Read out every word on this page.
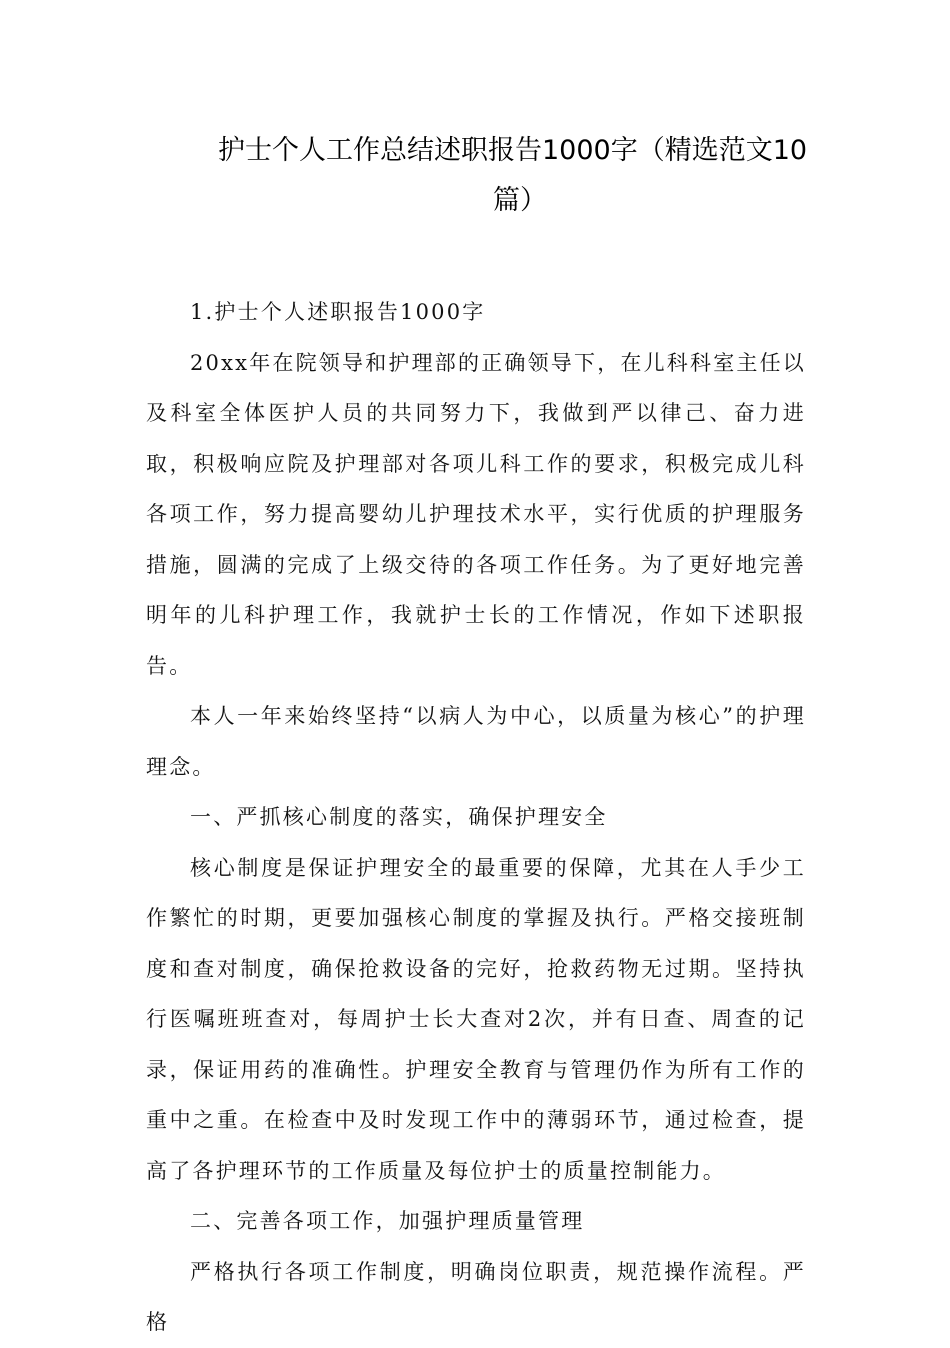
护士个人工作总结述职报告1000字（精选范文10
篇）

1.护士个人述职报告1000字

20xx年在院领导和护理部的正确领导下，在儿科科室主任以及科室全体医护人员的共同努力下，我做到严以律己、奋力进取，积极响应院及护理部对各项儿科工作的要求，积极完成儿科各项工作，努力提高婴幼儿护理技术水平，实行优质的护理服务措施，圆满的完成了上级交待的各项工作任务。为了更好地完善明年的儿科护理工作，我就护士长的工作情况，作如下述职报告。

本人一年来始终坚持“以病人为中心，以质量为核心”的护理理念。

一、严抓核心制度的落实，确保护理安全

核心制度是保证护理安全的最重要的保障，尤其在人手少工作繁忙的时期，更要加强核心制度的掌握及执行。严格交接班制度和查对制度，确保抢救设备的完好，抢救药物无过期。坚持执行医嘱班班查对，每周护士长大查对2次，并有日查、周查的记录，保证用药的准确性。护理安全教育与管理仍作为所有工作的重中之重。在检查中及时发现工作中的薄弱环节，通过检查，提高了各护理环节的工作质量及每位护士的质量控制能力。

二、完善各项工作，加强护理质量管理

严格执行各项工作制度，明确岗位职责，规范操作流程。严格
